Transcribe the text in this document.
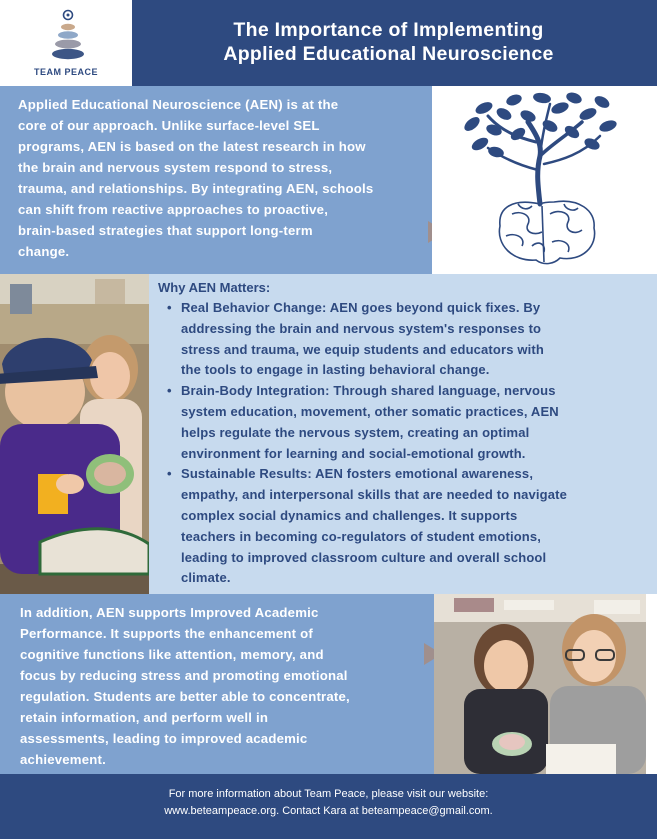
TEAM PEACE
The Importance of Implementing
Applied Educational Neuroscience
Applied Educational Neuroscience (AEN) is at the
core of our approach. Unlike surface-level SEL
programs, AEN is based on the latest research in how
the brain and nervous system respond to stress,
trauma, and relationships. By integrating AEN, schools
can shift from reactive approaches to proactive,
brain-based strategies that support long-term
change.
Why AEN Matters:
• Real Behavior Change: AEN goes beyond quick fixes. By
addressing the brain and nervous system's responses to
stress and trauma, we equip students and educators with
the tools to engage in lasting behavioral change.
• Brain-Body Integration: Through shared language, nervous
system education, movement, other somatic practices, AEN
helps regulate the nervous system, creating an optimal
environment for learning and social-emotional growth.
• Sustainable Results: AEN fosters emotional awareness,
empathy, and interpersonal skills that are needed to navigate
complex social dynamics and challenges. It supports
teachers in becoming co-regulators of student emotions,
leading to improved classroom culture and overall school
climate.
In addition, AEN supports Improved Academic
Performance. It supports the enhancement of
cognitive functions like attention, memory, and
focus by reducing stress and promoting emotional
regulation. Students are better able to concentrate,
retain information, and perform well in
assessments, leading to improved academic
achievement.
For more information about Team Peace, please visit our website:
www.beteampeace.org. Contact Kara at beteampeace@gmail.com.
